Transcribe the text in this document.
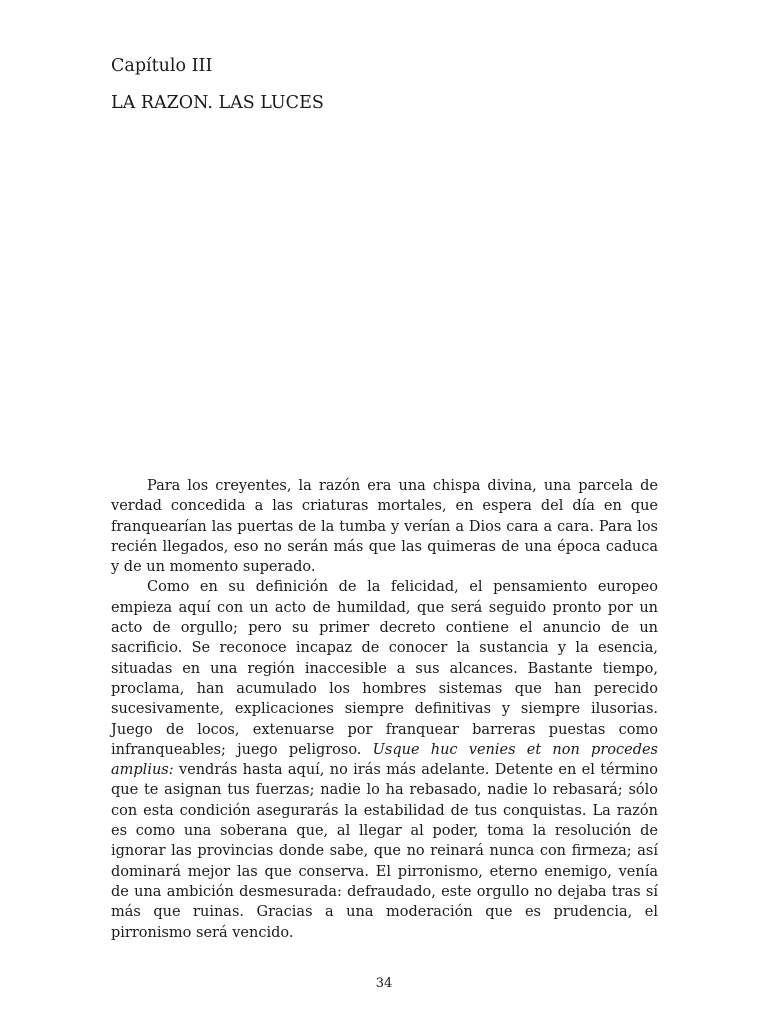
Capítulo III
LA RAZON. LAS LUCES

Para los creyentes, la razón era una chispa divina, una parcela de verdad concedida a las criaturas mortales, en espera del día en que franquearían las puertas de la tumba y verían a Dios cara a cara. Para los recién llegados, eso no serán más que las quimeras de una época caduca y de un momento superado.

Como en su definición de la felicidad, el pensamiento europeo empieza aquí con un acto de humildad, que será seguido pronto por un acto de orgullo; pero su primer decreto contiene el anuncio de un sacrificio. Se reconoce incapaz de conocer la sustancia y la esencia, situadas en una región inaccesible a sus alcances. Bastante tiempo, proclama, han acumulado los hombres sistemas que han perecido sucesivamente, explicaciones siempre definitivas y siempre ilusorias. Juego de locos, extenuarse por franquear barreras puestas como infranqueables; juego peligroso. Usque huc venies et non procedes amplius: vendrás hasta aquí, no irás más adelante. Detente en el término que te asignan tus fuerzas; nadie lo ha rebasado, nadie lo rebasará; sólo con esta condición asegurarás la estabilidad de tus conquistas. La razón es como una soberana que, al llegar al poder, toma la resolución de ignorar las provincias donde sabe, que no reinará nunca con firmeza; así dominará mejor las que conserva. El pirronismo, eterno enemigo, venía de una ambición desmesurada: defraudado, este orgullo no dejaba tras sí más que ruinas. Gracias a una moderación que es prudencia, el pirronismo será vencido.

34
